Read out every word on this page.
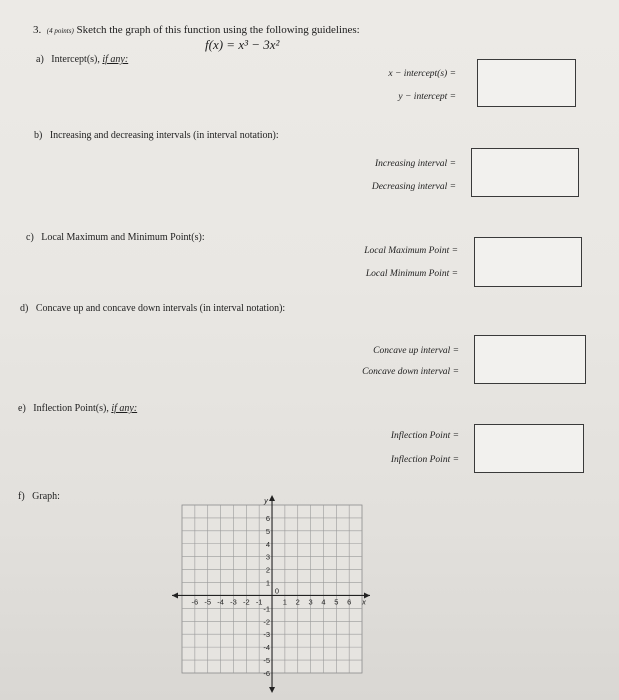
3. (4 points) Sketch the graph of this function using the following guidelines:
f(x) = x³ − 3x²
a) Intercept(s), if any:
x − intercept(s) =
y − intercept =
b) Increasing and decreasing intervals (in interval notation):
Increasing interval =
Decreasing interval =
c) Local Maximum and Minimum Point(s):
Local Maximum Point =
Local Minimum Point =
d) Concave up and concave down intervals (in interval notation):
Concave up interval =
Concave down interval =
e) Inflection Point(s), if any:
Inflection Point =
Inflection Point =
f) Graph:
-6 -5 -4 -3 -2 -1	1 2 3 4 5 6
6
5
4
3
2
1
-1
-2
-3
-4
-5
-6
0
x
y
